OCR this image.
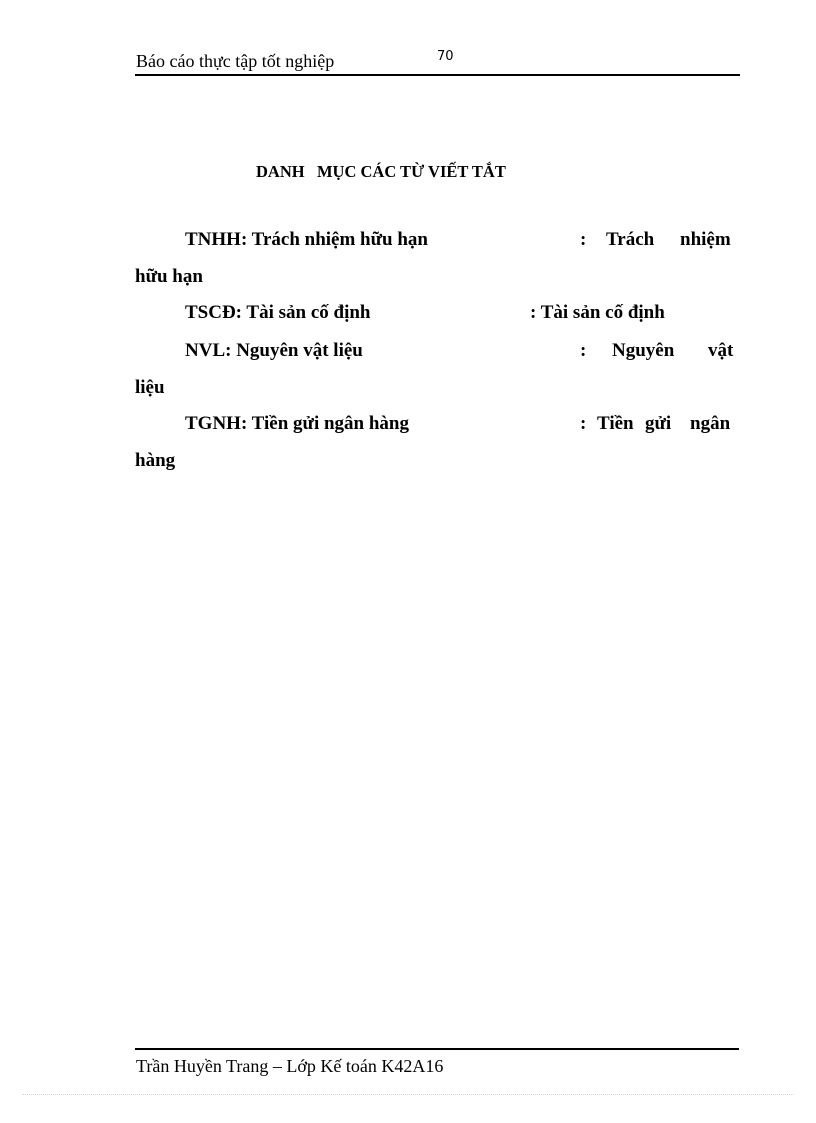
Báo cáo thực tập tốt nghiệp	70
DANH   MỤC CÁC TỪ VIẾT TẮT
TNHH: Trách nhiệm hữu hạn	: Trách nhiệm
hữu hạn
TSCĐ: Tài sản cố định	: Tài sản cố định
NVL: Nguyên vật liệu	: Nguyên vật
liệu
TGNH: Tiền gửi ngân hàng	: Tiền gửi ngân
hàng
Trần Huyền Trang – Lớp Kế toán K42A16
